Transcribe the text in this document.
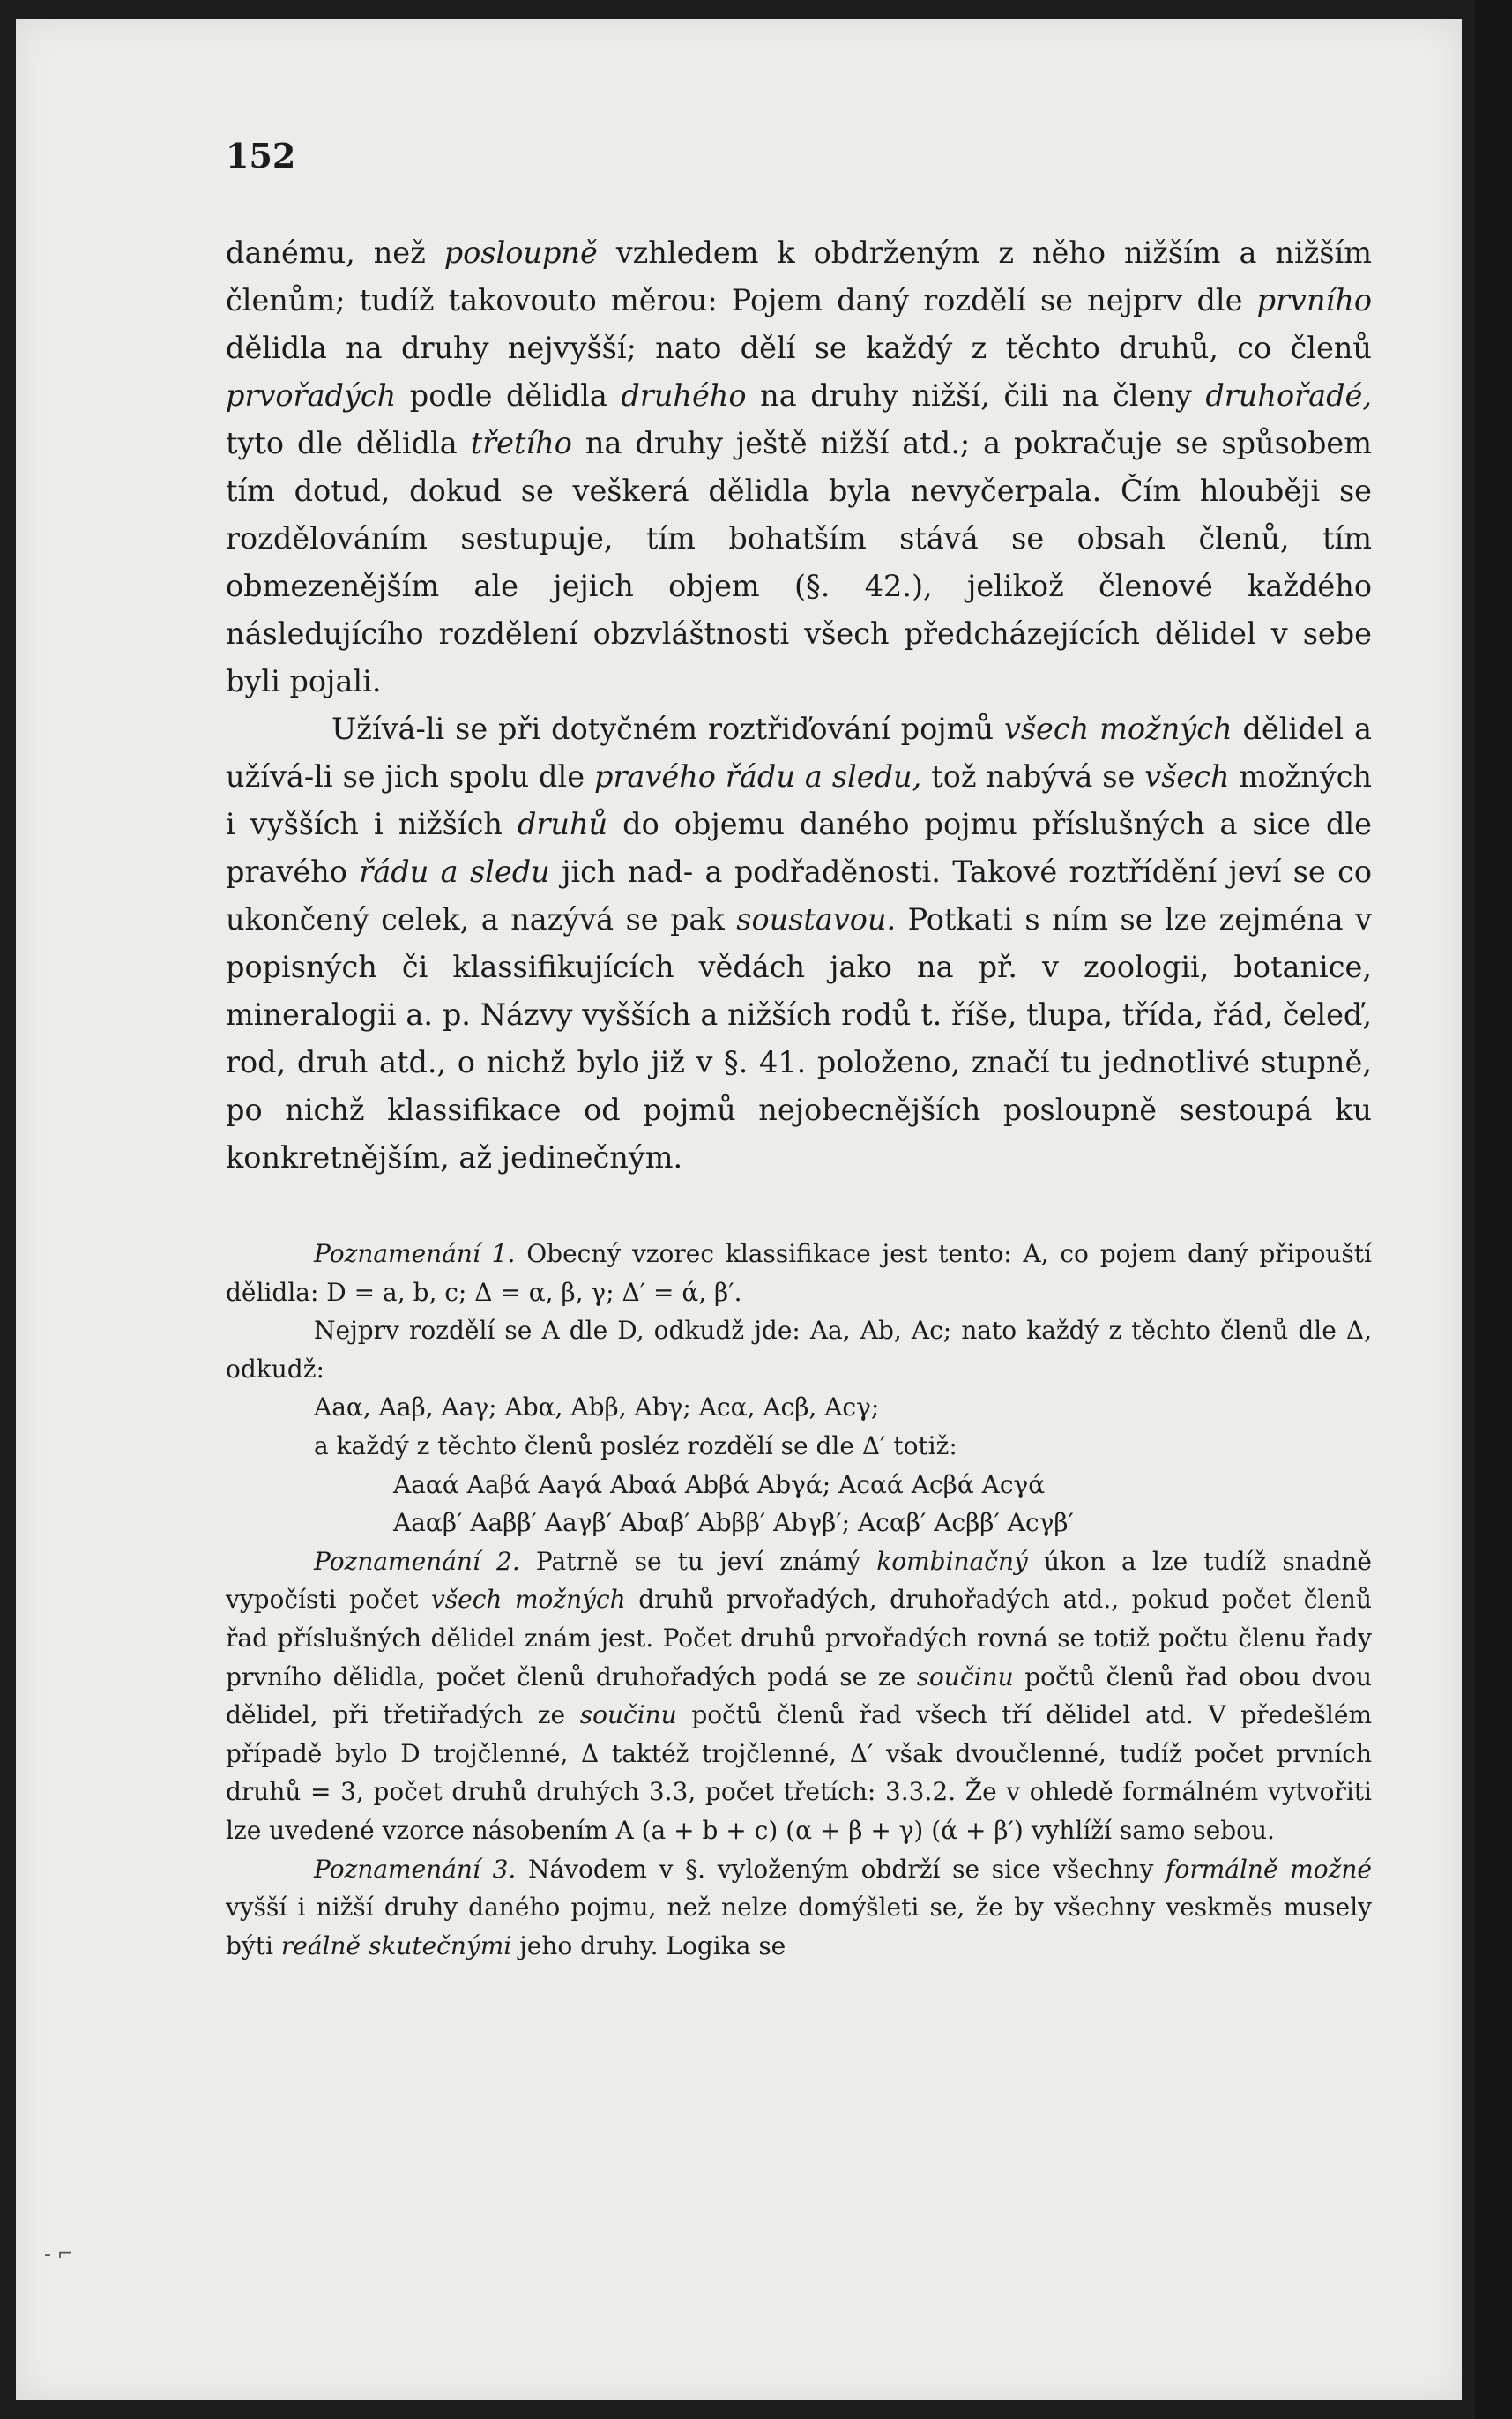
152

danému, než posloupně vzhledem k obdrženým z něho nižším a nižším členům; tudíž takovouto měrou: Pojem daný rozdělí se nejprv dle prvního dělidla na druhy nejvyšší; nato dělí se každý z těchto druhů, co členů prvořadých podle dělidla druhého na druhy nižší, čili na členy druhořadé, tyto dle dělidla třetího na druhy ještě nižší atd.; a pokračuje se spůsobem tím dotud, dokud se veškerá dělidla byla nevyčerpala. Čím hlouběji se rozdělováním sestupuje, tím bohatším stává se obsah členů, tím obmezenějším ale jejich objem (§. 42.), jelikož členové každého následujícího rozdělení obzvláštnosti všech předcházejících dělidel v sebe byli pojali.

Užívá-li se při dotyčném roztřiďování pojmů všech možných dělidel a užívá-li se jich spolu dle pravého řádu a sledu, tož nabývá se všech možných i vyšších i nižších druhů do objemu daného pojmu příslušných a sice dle pravého řádu a sledu jich nad- a podřaděnosti. Takové roztřídění jeví se co ukončený celek, a nazývá se pak soustavou. Potkati s ním se lze zejména v popisných či klassifikujících vědách jako na př. v zoologii, botanice, mineralogii a. p. Názvy vyšších a nižších rodů t. říše, tlupa, třída, řád, čeleď, rod, druh atd., o nichž bylo již v §. 41. položeno, značí tu jednotlivé stupně, po nichž klassifikace od pojmů nejobecnějších posloupně sestoupá ku konkretnějším, až jedinečným.

Poznamenání 1. Obecný vzorec klassifikace jest tento: A, co pojem daný připouští dělidla: D = a, b, c; Δ = α, β, γ; Δ′ = ά, β′.

Nejprv rozdělí se A dle D, odkudž jde: Aa, Ab, Ac; nato každý z těchto členů dle Δ, odkudž:

Aaα, Aaβ, Aaγ; Abα, Abβ, Abγ; Acα, Acβ, Acγ;

a každý z těchto členů posléz rozdělí se dle Δ′ totiž:

Aaαά Aaβά Aaγά Abαά Abβά Abγά; Acαά Acβά Acγά

Aaαβ′ Aaββ′ Aaγβ′ Abαβ′ Abββ′ Abγβ′; Acαβ′ Acββ′ Acγβ′

Poznamenání 2. Patrně se tu jeví známý kombinačný úkon a lze tudíž snadně vypočísti počet všech možných druhů prvořadých, druhořadých atd., pokud počet členů řad příslušných dělidel znám jest. Počet druhů prvořadých rovná se totiž počtu členu řady prvního dělidla, počet členů druhořadých podá se ze součinu počtů členů řad obou dvou dělidel, při třetiřadých ze součinu počtů členů řad všech tří dělidel atd. V předešlém případě bylo D trojčlenné, Δ taktéž trojčlenné, Δ′ však dvoučlenné, tudíž počet prvních druhů = 3, počet druhů druhých 3.3, počet třetích: 3.3.2. Že v ohledě formálném vytvořiti lze uvedené vzorce násobením A (a + b + c) (α + β + γ) (ά + β′) vyhlíží samo sebou.

Poznamenání 3. Návodem v §. vyloženým obdrží se sice všechny formálně možné vyšší i nižší druhy daného pojmu, než nelze domýšleti se, že by všechny veskměs musely býti reálně skutečnými jeho druhy. Logika se

- ⌐
